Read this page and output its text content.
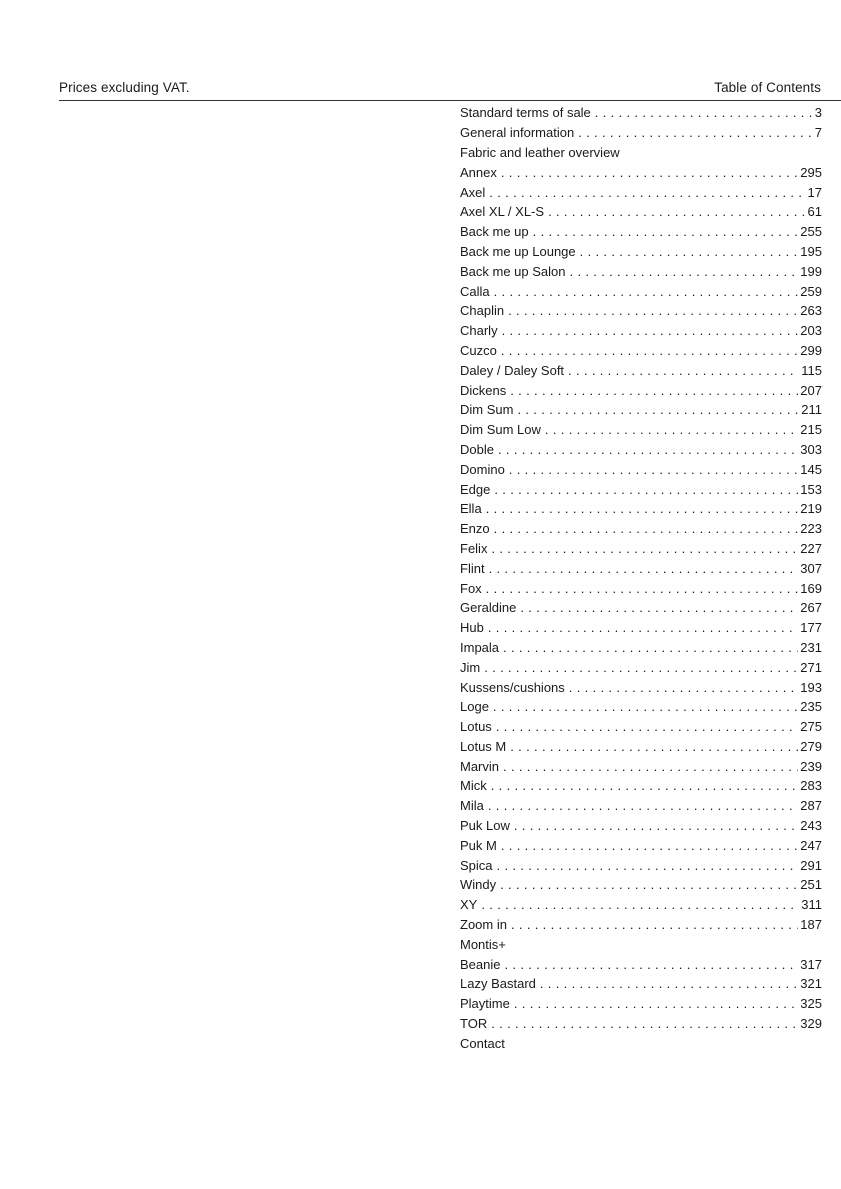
Prices excluding VAT.	Table of Contents
Standard terms of sale . . .	3
General information . . .	7
Fabric and leather overview
Annex . . .	295
Axel . . .	17
Axel XL / XL-S . . .	61
Back me up . . .	255
Back me up Lounge . . .	195
Back me up Salon . . .	199
Calla . . .	259
Chaplin . . .	263
Charly . . .	203
Cuzco . . .	299
Daley / Daley Soft . . .	115
Dickens . . .	207
Dim Sum . . .	211
Dim Sum Low . . .	215
Doble . . .	303
Domino . . .	145
Edge . . .	153
Ella . . .	219
Enzo . . .	223
Felix . . .	227
Flint . . .	307
Fox . . .	169
Geraldine . . .	267
Hub . . .	177
Impala . . .	231
Jim . . .	271
Kussens/cushions . . .	193
Loge . . .	235
Lotus . . .	275
Lotus M . . .	279
Marvin . . .	239
Mick . . .	283
Mila . . .	287
Puk Low . . .	243
Puk M . . .	247
Spica . . .	291
Windy . . .	251
XY . . .	311
Zoom in . . .	187
Montis+
Beanie . . .	317
Lazy Bastard . . .	321
Playtime . . .	325
TOR . . .	329
Contact
